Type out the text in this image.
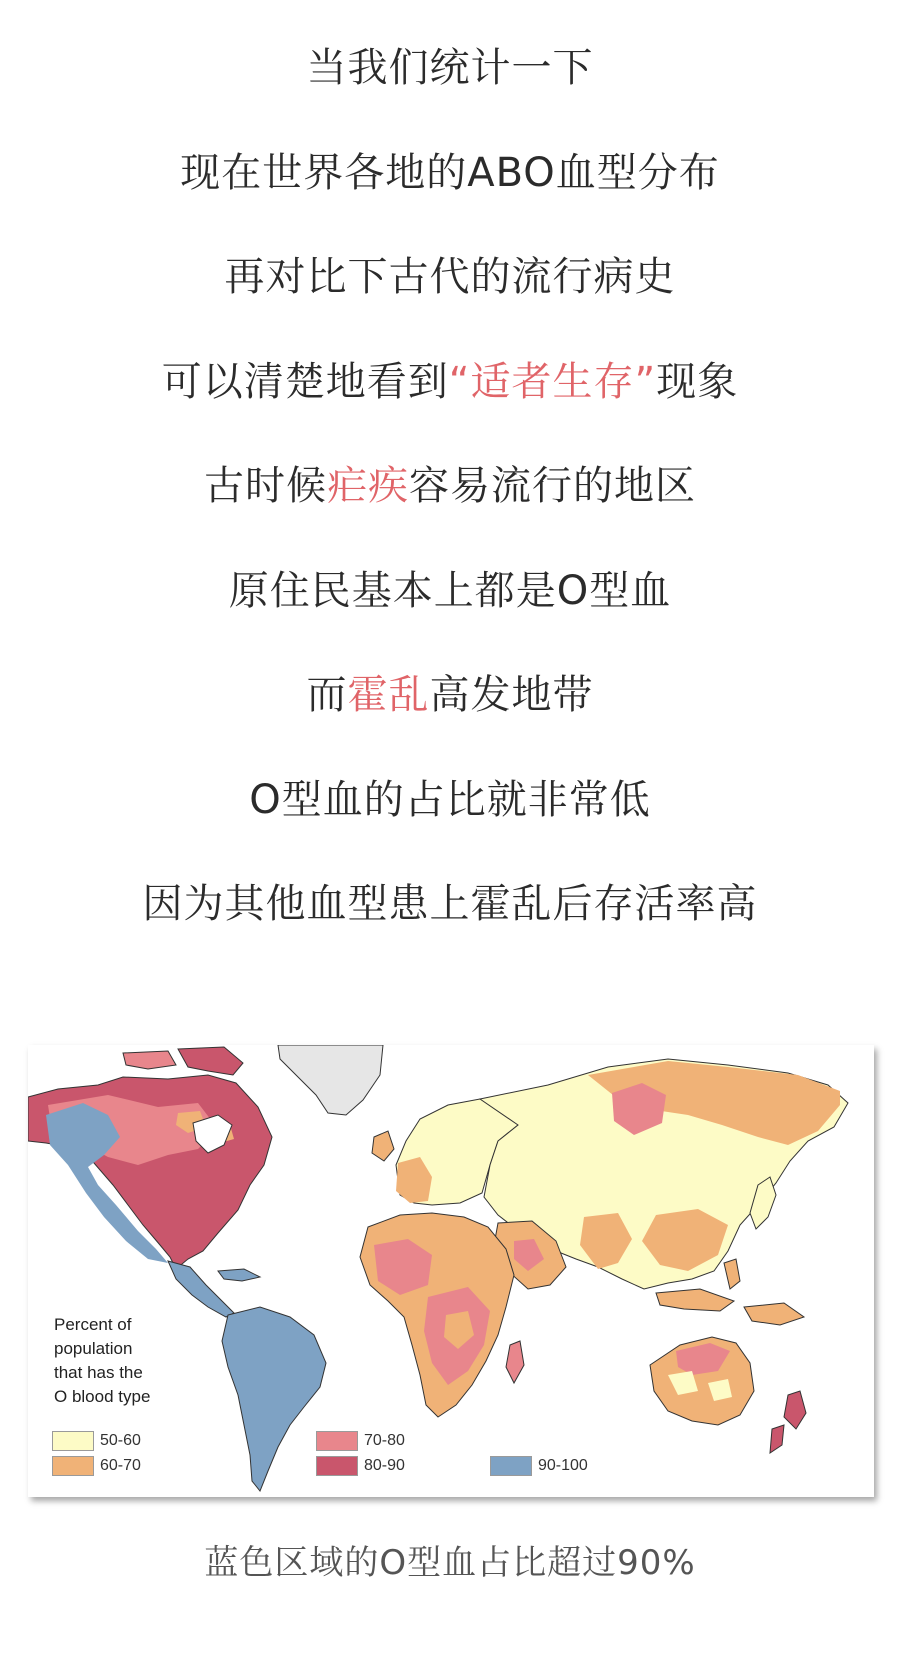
当我们统计一下
现在世界各地的ABO血型分布
再对比下古代的流行病史
可以清楚地看到“适者生存”现象
古时候疟疾容易流行的地区
原住民基本上都是O型血
而霍乱高发地带
O型血的占比就非常低
因为其他血型患上霍乱后存活率高
Percent of
population
that has the
O blood type
50-60
60-70
70-80
80-90	90-100
蓝色区域的O型血占比超过90%
